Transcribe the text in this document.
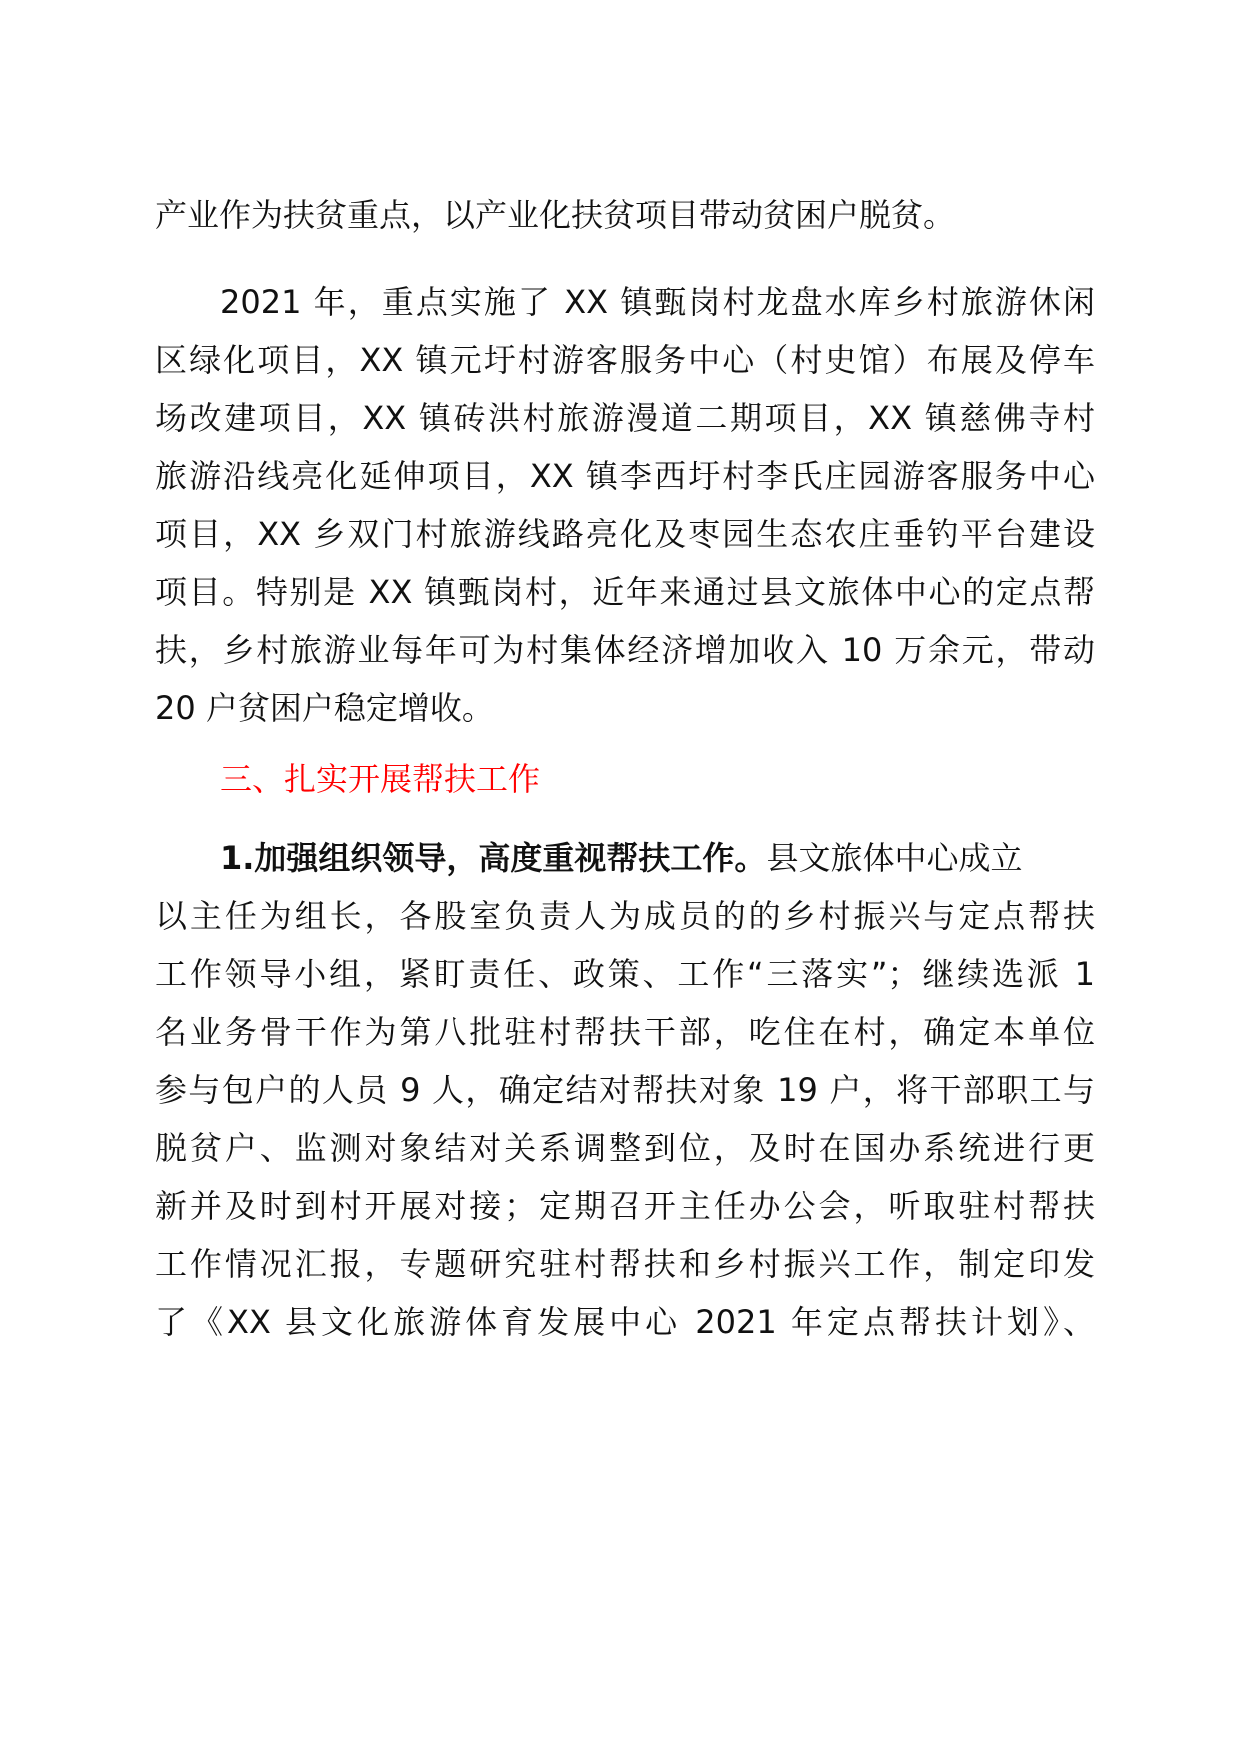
产业作为扶贫重点，以产业化扶贫项目带动贫困户脱贫。
2021 年，重点实施了 XX 镇甄岗村龙盘水库乡村旅游休闲
区绿化项目，XX 镇元圩村游客服务中心（村史馆）布展及停车
场改建项目，XX 镇砖洪村旅游漫道二期项目，XX 镇慈佛寺村
旅游沿线亮化延伸项目，XX 镇李西圩村李氏庄园游客服务中心
项目，XX 乡双门村旅游线路亮化及枣园生态农庄垂钓平台建设
项目。特别是 XX 镇甄岗村，近年来通过县文旅体中心的定点帮
扶，乡村旅游业每年可为村集体经济增加收入 10 万余元，带动
20 户贫困户稳定增收。
三、扎实开展帮扶工作
1.加强组织领导，高度重视帮扶工作。县文旅体中心成立
以主任为组长，各股室负责人为成员的的乡村振兴与定点帮扶
工作领导小组，紧盯责任、政策、工作“三落实”；继续选派 1
名业务骨干作为第八批驻村帮扶干部，吃住在村，确定本单位
参与包户的人员 9 人，确定结对帮扶对象 19 户，将干部职工与
脱贫户、监测对象结对关系调整到位，及时在国办系统进行更
新并及时到村开展对接；定期召开主任办公会，听取驻村帮扶
工作情况汇报，专题研究驻村帮扶和乡村振兴工作，制定印发
了《XX 县文化旅游体育发展中心 2021 年定点帮扶计划》、
